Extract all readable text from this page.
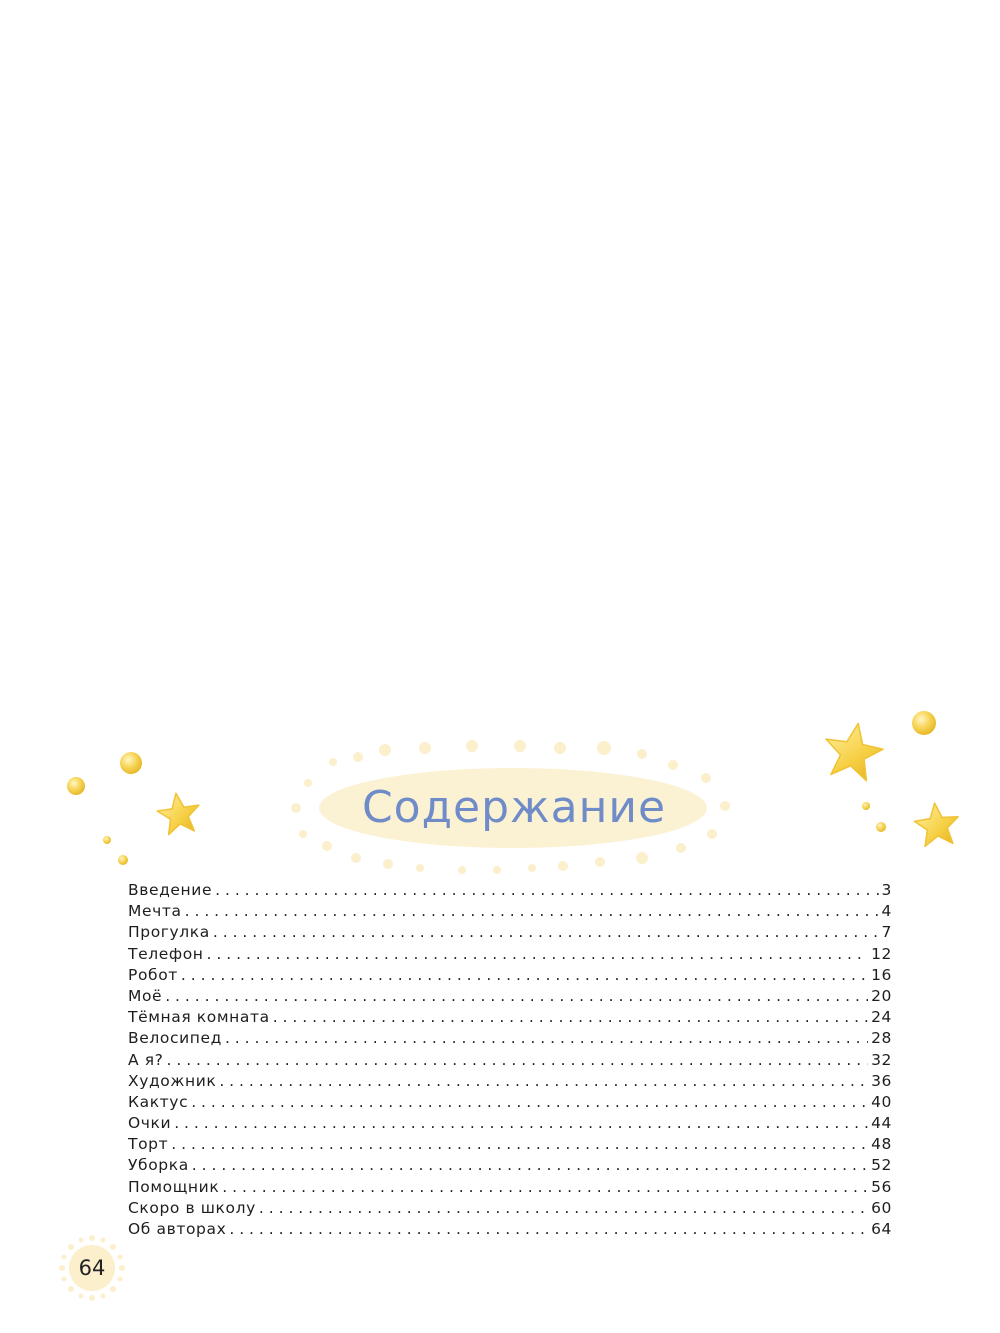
Содержание
Введение . . .	3
Мечта . . .	4
Прогулка . . .	7
Телефон . . .	12
Робот . . .	16
Моё . . .	20
Тёмная комната . . .	24
Велосипед . . .	28
А я? . . .	32
Художник . . .	36
Кактус . . .	40
Очки . . .	44
Торт . . .	48
Уборка . . .	52
Помощник . . .	56
Скоро в школу . . .	60
Об авторах . . .	64
64
